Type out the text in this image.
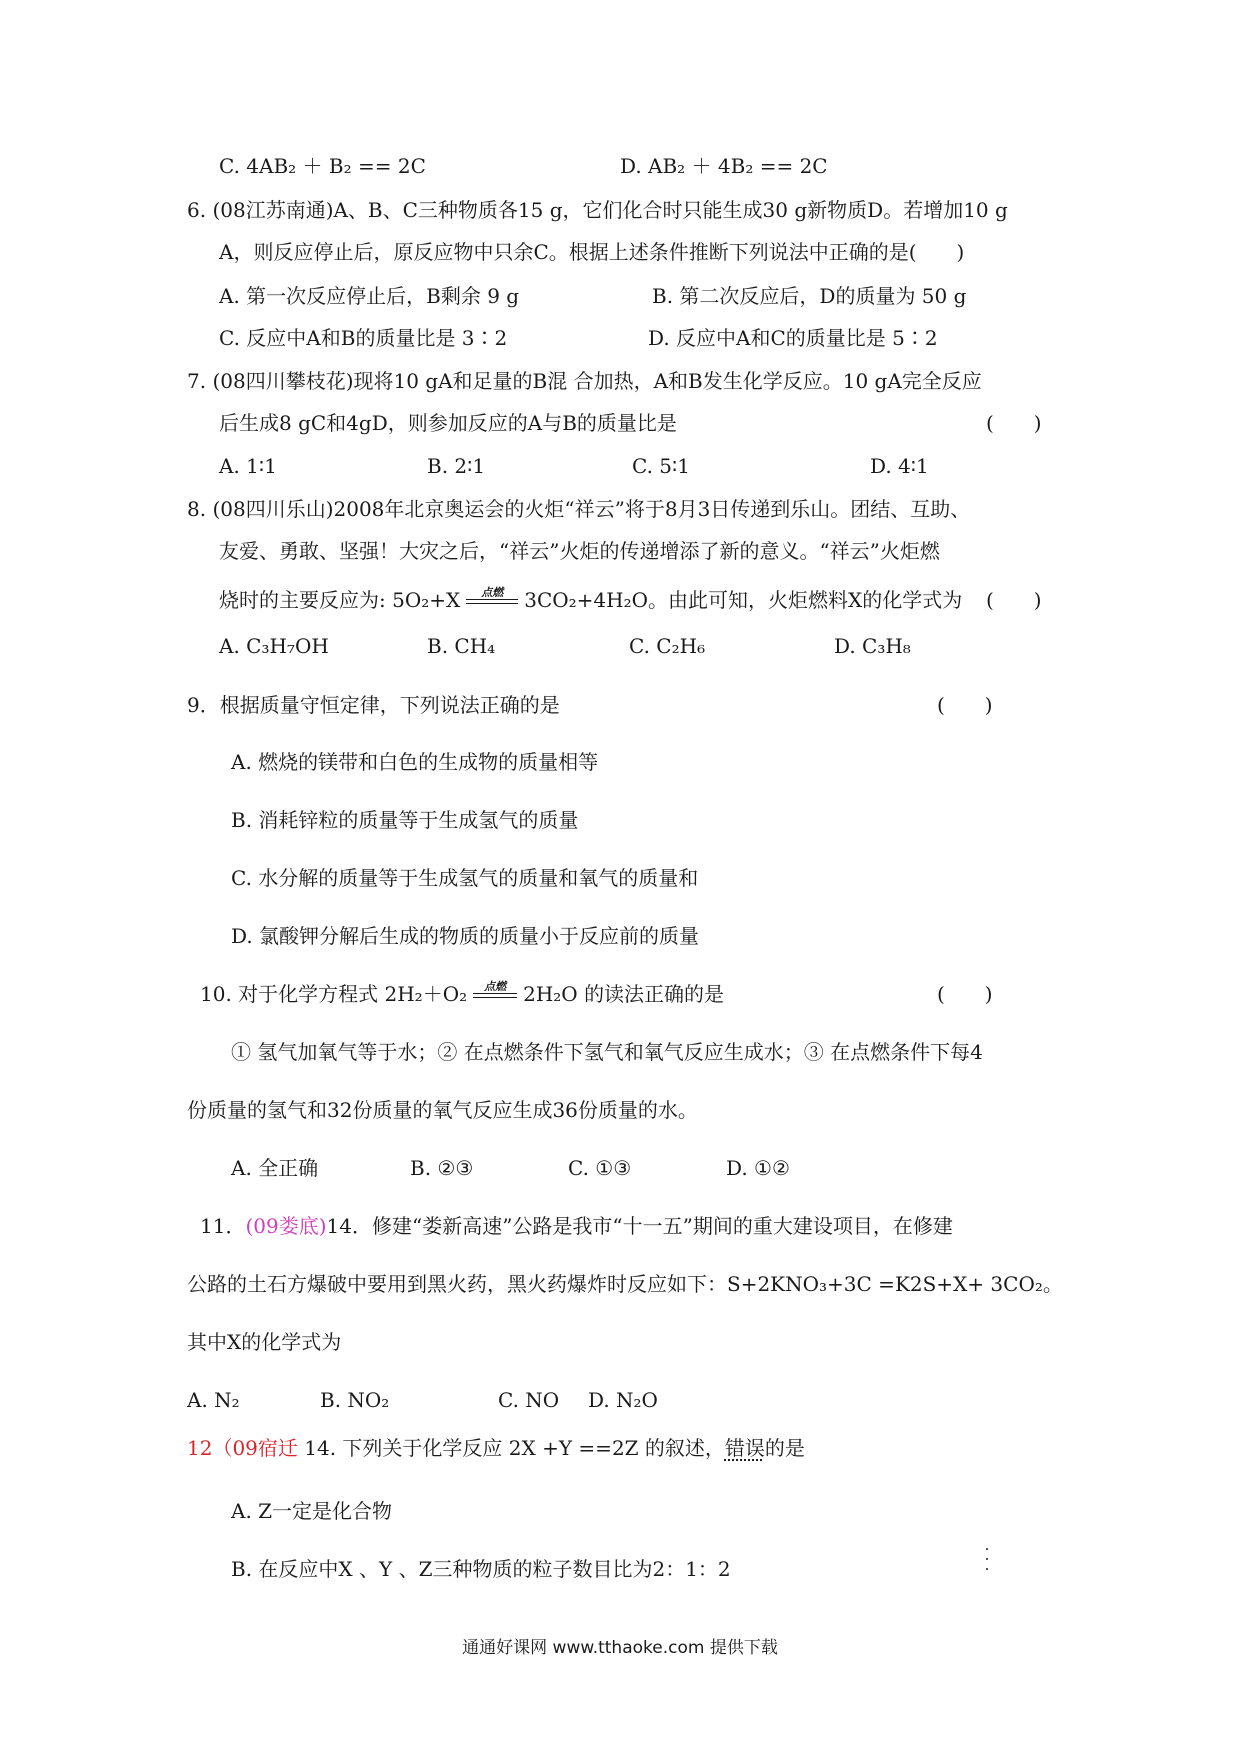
C. 4AB₂ ＋ B₂ == 2C	D. AB₂ ＋ 4B₂ == 2C
6. (08江苏南通)A、B、C三种物质各15 g，它们化合时只能生成30 g新物质D。若增加10 g
A，则反应停止后，原反应物中只余C。根据上述条件推断下列说法中正确的是(　　)
A. 第一次反应停止后，B剩余 9 g	B. 第二次反应后，D的质量为 50 g
C. 反应中A和B的质量比是 3∶2	D. 反应中A和C的质量比是 5∶2
7. (08四川攀枝花)现将10 gA和足量的B混 合加热，A和B发生化学反应。10 gA完全反应
后生成8 gC和4gD，则参加反应的A与B的质量比是	(　　)
A. 1∶1	B. 2∶1	C. 5∶1	D. 4∶1
8. (08四川乐山)2008年北京奥运会的火炬“祥云”将于8月3日传递到乐山。团结、互助、
友爱、勇敢、坚强！大灾之后，“祥云”火炬的传递增添了新的意义。“祥云”火炬燃
烧时的主要反应为: 5O₂+X	点燃	3CO₂+4H₂O。由此可知，火炬燃料X的化学式为 (　　)
A. C₃H₇OH	B. CH₄	C. C₂H₆	D. C₃H₈
9．根据质量守恒定律，下列说法正确的是	(　　)
A. 燃烧的镁带和白色的生成物的质量相等
B. 消耗锌粒的质量等于生成氢气的质量
C. 水分解的质量等于生成氢气的质量和氧气的质量和
D. 氯酸钾分解后生成的物质的质量小于反应前的质量
10. 对于化学方程式 2H₂＋O₂	点燃 2H₂O 的读法正确的是	(　　)
① 氢气加氧气等于水；② 在点燃条件下氢气和氧气反应生成水；③ 在点燃条件下每4
份质量的氢气和32份质量的氧气反应生成36份质量的水。
A. 全正确	B. ②③	C. ①③	D. ①②
11．(09娄底)14．修建“娄新高速”公路是我市“十一五”期间的重大建设项目，在修建
公路的土石方爆破中要用到黑火药，黑火药爆炸时反应如下：S+2KNO₃+3C =K2S+X+ 3CO₂。
其中X的化学式为
A. N₂	B. NO₂	C. NO D. N₂O
12（09宿迁 14. 下列关于化学反应 2X +Y ==2Z 的叙述，错误的是
A. Z一定是化合物
B. 在反应中X 、Y 、Z三种物质的粒子数目比为2：1：2
通通好课网 www.tthaoke.com 提供下载
